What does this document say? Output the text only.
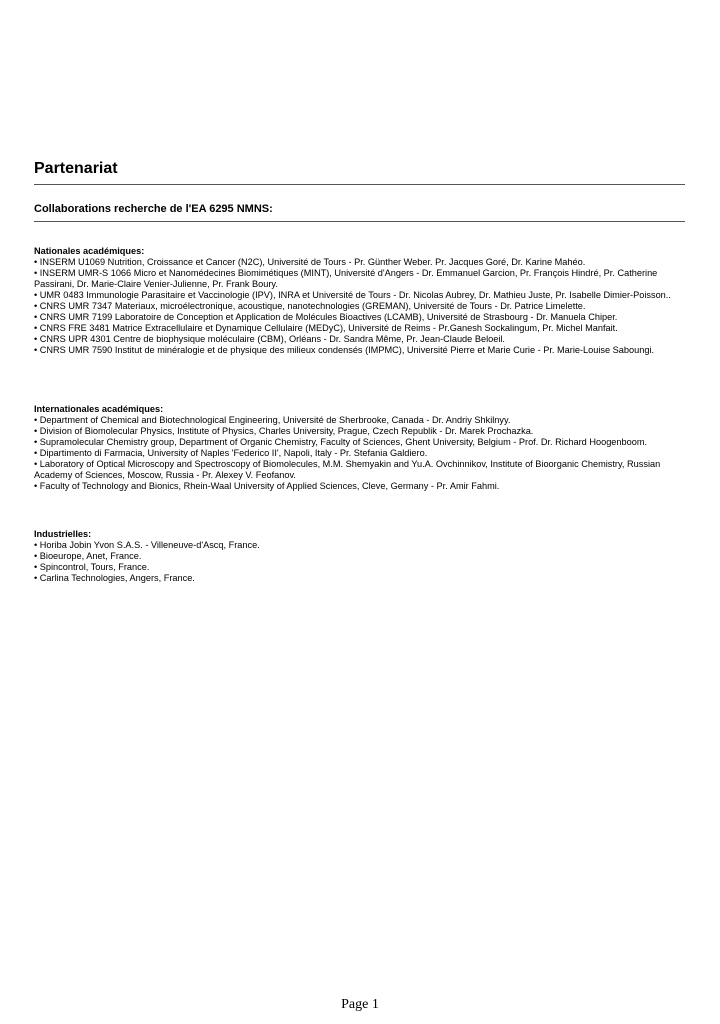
Partenariat
Collaborations recherche de l'EA 6295 NMNS:

Nationales académiques:

• INSERM U1069 Nutrition, Croissance et Cancer (N2C), Université de Tours - Pr. Günther Weber. Pr. Jacques Goré, Dr. Karine Mahéo.
• INSERM UMR-S 1066 Micro et Nanomédecines Biomimétiques (MINT), Université d'Angers - Dr. Emmanuel Garcion, Pr. François Hindré, Pr. Catherine Passirani, Dr. Marie-Claire Venier-Julienne, Pr. Frank Boury.
• UMR 0483 Immunologie Parasitaire et Vaccinologie (IPV), INRA et Université de Tours - Dr. Nicolas Aubrey, Dr. Mathieu Juste, Pr. Isabelle Dimier-Poisson..
• CNRS UMR 7347 Materiaux, microélectronique, acoustique, nanotechnologies (GREMAN), Université de Tours - Dr. Patrice Limelette.
• CNRS UMR 7199 Laboratoire de Conception et Application de Molécules Bioactives (LCAMB), Université de Strasbourg - Dr. Manuela Chiper.
• CNRS FRE 3481 Matrice Extracellulaire et Dynamique Cellulaire (MEDyC), Université de Reims - Pr.Ganesh Sockalingum, Pr. Michel Manfait.
• CNRS UPR 4301 Centre de biophysique moléculaire (CBM), Orléans - Dr. Sandra Même, Pr. Jean-Claude Beloeil.
• CNRS UMR 7590 Institut de minéralogie et de physique des milieux condensés (IMPMC), Université Pierre et Marie Curie - Pr. Marie-Louise Saboungi.

Internationales académiques:

• Department of Chemical and Biotechnological Engineering, Université de Sherbrooke, Canada - Dr. Andriy Shkilnyy.
• Division of Biomolecular Physics, Institute of Physics, Charles University, Prague, Czech Republik - Dr. Marek Prochazka.
• Supramolecular Chemistry group, Department of Organic Chemistry, Faculty of Sciences, Ghent University, Belgium - Prof. Dr. Richard Hoogenboom.
• Dipartimento di Farmacia, University of Naples 'Federico II', Napoli, Italy - Pr. Stefania Galdiero.
• Laboratory of Optical Microscopy and Spectroscopy of Biomolecules, M.M. Shemyakin and Yu.A. Ovchinnikov, Institute of Bioorganic Chemistry, Russian Academy of Sciences, Moscow, Russia - Pr. Alexey V. Feofanov.
• Faculty of Technology and Bionics, Rhein-Waal University of Applied Sciences, Cleve, Germany - Pr. Amir Fahmi.

Industrielles:

• Horiba Jobin Yvon S.A.S. - Villeneuve-d'Ascq, France.
• Bioeurope, Anet, France.
• Spincontrol, Tours, France.
• Carlina Technologies, Angers, France.
Page 1
